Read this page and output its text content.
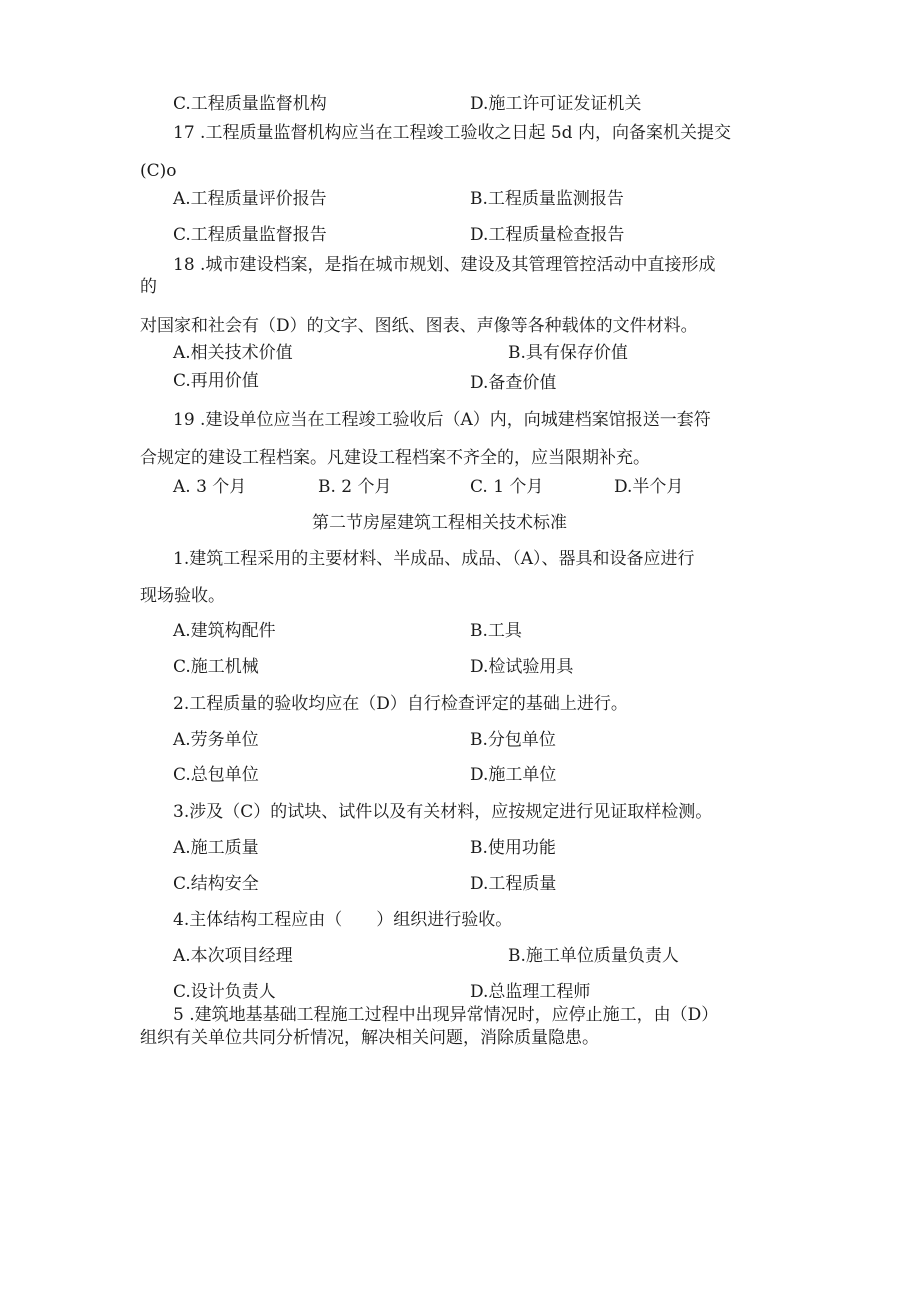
C.工程质量监督机构	D.施工许可证发证机关
17 .工程质量监督机构应当在工程竣工验收之日起 5d 内，向备案机关提交
(C)o
A.工程质量评价报告	B.工程质量监测报告
C.工程质量监督报告	D.工程质量检查报告
18 .城市建设档案，是指在城市规划、建设及其管理管控活动中直接形成
的
对国家和社会有（D）的文字、图纸、图表、声像等各种载体的文件材料。
A.相关技术价值	B.具有保存价值
C.再用价值	D.备查价值
19 .建设单位应当在工程竣工验收后（A）内，向城建档案馆报送一套符
合规定的建设工程档案。凡建设工程档案不齐全的，应当限期补充。
A. 3 个月	B. 2 个月	C. 1 个月	D.半个月
第二节房屋建筑工程相关技术标准
1.建筑工程采用的主要材料、半成品、成品、（A）、器具和设备应进行
现场验收。
A.建筑构配件	B.工具
C.施工机械	D.检试验用具
2.工程质量的验收均应在（D）自行检查评定的基础上进行。
A.劳务单位	B.分包单位
C.总包单位	D.施工单位
3.涉及（C）的试块、试件以及有关材料，应按规定进行见证取样检测。
A.施工质量	B.使用功能
C.结构安全	D.工程质量
4.主体结构工程应由（　　）组织进行验收。
A.本次项目经理	B.施工单位质量负责人
C.设计负责人	D.总监理工程师
5 .建筑地基基础工程施工过程中出现异常情况时，应停止施工，由（D）
组织有关单位共同分析情况，解决相关问题，消除质量隐患。
